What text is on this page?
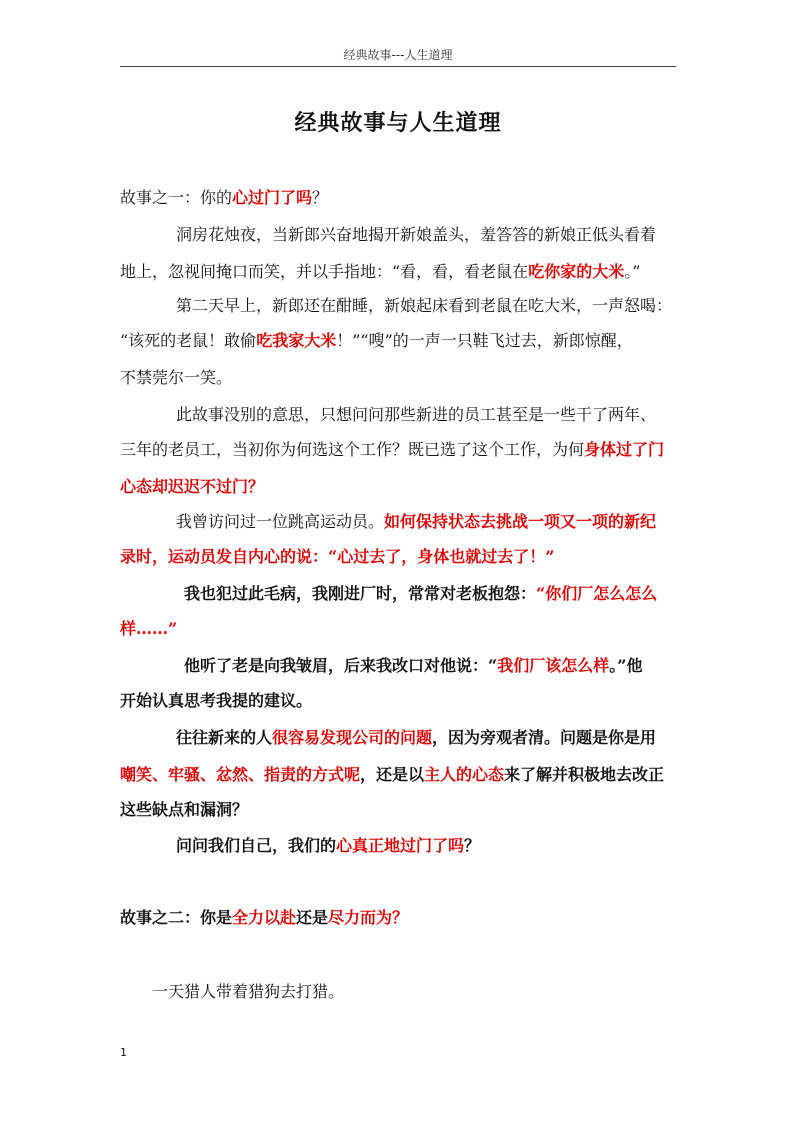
经典故事---人生道理
经典故事与人生道理
故事之一：你的心过门了吗？
洞房花烛夜，当新郎兴奋地揭开新娘盖头，羞答答的新娘正低头看着
地上，忽视间掩口而笑，并以手指地：“看，看，看老鼠在吃你家的大米。”
第二天早上，新郎还在酣睡，新娘起床看到老鼠在吃大米，一声怒喝：
“该死的老鼠！敢偷吃我家大米！”“嗖”的一声一只鞋飞过去，新郎惊醒，
不禁莞尔一笑。
此故事没别的意思，只想问问那些新进的员工甚至是一些干了两年、
三年的老员工，当初你为何选这个工作？既已选了这个工作，为何身体过了门
心态却迟迟不过门？
我曾访问过一位跳高运动员。如何保持状态去挑战一项又一项的新纪
录时，运动员发自内心的说：“心过去了，身体也就过去了！”
我也犯过此毛病，我刚进厂时，常常对老板抱怨：“你们厂怎么怎么
样……”
他听了老是向我皱眉，后来我改口对他说：“我们厂该怎么样。”他
开始认真思考我提的建议。
往往新来的人很容易发现公司的问题，因为旁观者清。问题是你是用
嘲笑、牢骚、忿然、指责的方式呢，还是以主人的心态来了解并积极地去改正
这些缺点和漏洞？
问问我们自己，我们的心真正地过门了吗？
故事之二：你是全力以赴还是尽力而为？
一天猎人带着猎狗去打猎。
1
